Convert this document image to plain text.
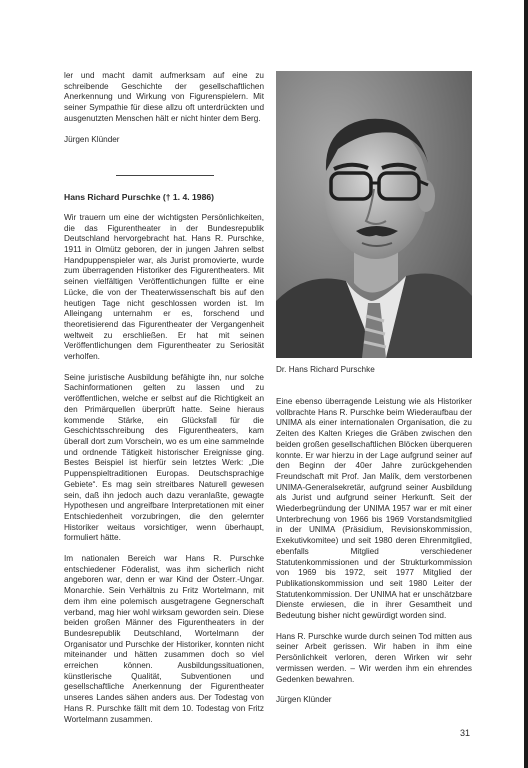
ler und macht damit aufmerksam auf eine zu schreibende Geschichte der gesellschaftlichen Anerkennung und Wirkung von Figurenspielern. Mit seiner Sympathie für diese allzu oft unterdrückten und ausgenutzten Menschen hält er nicht hinter dem Berg.

Jürgen Klünder

Hans Richard Purschke († 1. 4. 1986)

Wir trauern um eine der wichtigsten Persönlichkeiten, die das Figurentheater in der Bundesrepublik Deutschland hervorgebracht hat. Hans R. Purschke, 1911 in Olmütz geboren, der in jungen Jahren selbst Handpuppenspieler war, als Jurist promovierte, wurde zum überragenden Historiker des Figurentheaters. Mit seinen vielfältigen Veröffentlichungen füllte er eine Lücke, die von der Theaterwissenschaft bis auf den heutigen Tage nicht geschlossen worden ist. Im Alleingang unternahm er es, forschend und theoretisierend das Figurentheater der Vergangenheit weltweit zu erschließen. Er hat mit seinen Veröffentlichungen dem Figurentheater zu Seriosität verholfen.

Seine juristische Ausbildung befähigte ihn, nur solche Sachinformationen gelten zu lassen und zu veröffentlichen, welche er selbst auf die Richtigkeit an den Primärquellen überprüft hatte. Seine hieraus kommende Stärke, ein Glücksfall für die Geschichtsschreibung des Figurentheaters, kam überall dort zum Vorschein, wo es um eine sammelnde und ordnende Tätigkeit historischer Ereignisse ging. Bestes Beispiel ist hierfür sein letztes Werk: „Die Puppenspieltraditionen Europas. Deutschsprachige Gebiete“. Es mag sein streitbares Naturell gewesen sein, daß ihn jedoch auch dazu veranlaßte, gewagte Hypothesen und angreifbare Interpretationen mit einer Entschiedenheit vorzubringen, die den gelernter Historiker weitaus vorsichtiger, wenn überhaupt, formuliert hätte.

Im nationalen Bereich war Hans R. Purschke entschiedener Föderalist, was ihm sicherlich nicht angeboren war, denn er war Kind der Österr.-Ungar. Monarchie. Sein Verhältnis zu Fritz Wortelmann, mit dem ihm eine polemisch ausgetragene Gegnerschaft verband, mag hier wohl wirksam geworden sein. Diese beiden großen Männer des Figurentheaters in der Bundesrepublik Deutschland, Wortelmann der Organisator und Purschke der Historiker, konnten nicht miteinander und hätten zusammen doch so viel erreichen können. Ausbildungssituationen, künstlerische Qualität, Subventionen und gesellschaftliche Anerkennung der Figurentheater unseres Landes sähen anders aus. Der Todestag von Hans R. Purschke fällt mit dem 10. Todestag von Fritz Wortelmann zusammen.

Dr. Hans Richard Purschke

Eine ebenso überragende Leistung wie als Historiker vollbrachte Hans R. Purschke beim Wiederaufbau der UNIMA als einer internationalen Organisation, die zu Zeiten des Kalten Krieges die Gräben zwischen den beiden großen gesellschaftlichen Blöcken überqueren konnte. Er war hierzu in der Lage aufgrund seiner auf den Beginn der 40er Jahre zurückgehenden Freundschaft mit Prof. Jan Malík, dem verstorbenen UNIMA-Generalsekretär, aufgrund seiner Ausbildung als Jurist und aufgrund seiner Herkunft. Seit der Wiederbegründung der UNIMA 1957 war er mit einer Unterbrechung von 1966 bis 1969 Vorstandsmitglied in der UNIMA (Präsidium, Revisionskommission, Exekutivkomitee) und seit 1980 deren Ehrenmitglied, ebenfalls Mitglied verschiedener Statutenkommissionen und der Strukturkommission von 1969 bis 1972, seit 1977 Mitglied der Publikationskommission und seit 1980 Leiter der Statutenkommission. Der UNIMA hat er unschätzbare Dienste erwiesen, die in ihrer Gesamtheit und Bedeutung bisher nicht gewürdigt worden sind.

Hans R. Purschke wurde durch seinen Tod mitten aus seiner Arbeit gerissen. Wir haben in ihm eine Persönlichkeit verloren, deren Wirken wir sehr vermissen werden. – Wir werden ihm ein ehrendes Gedenken bewahren.

Jürgen Klünder

31
